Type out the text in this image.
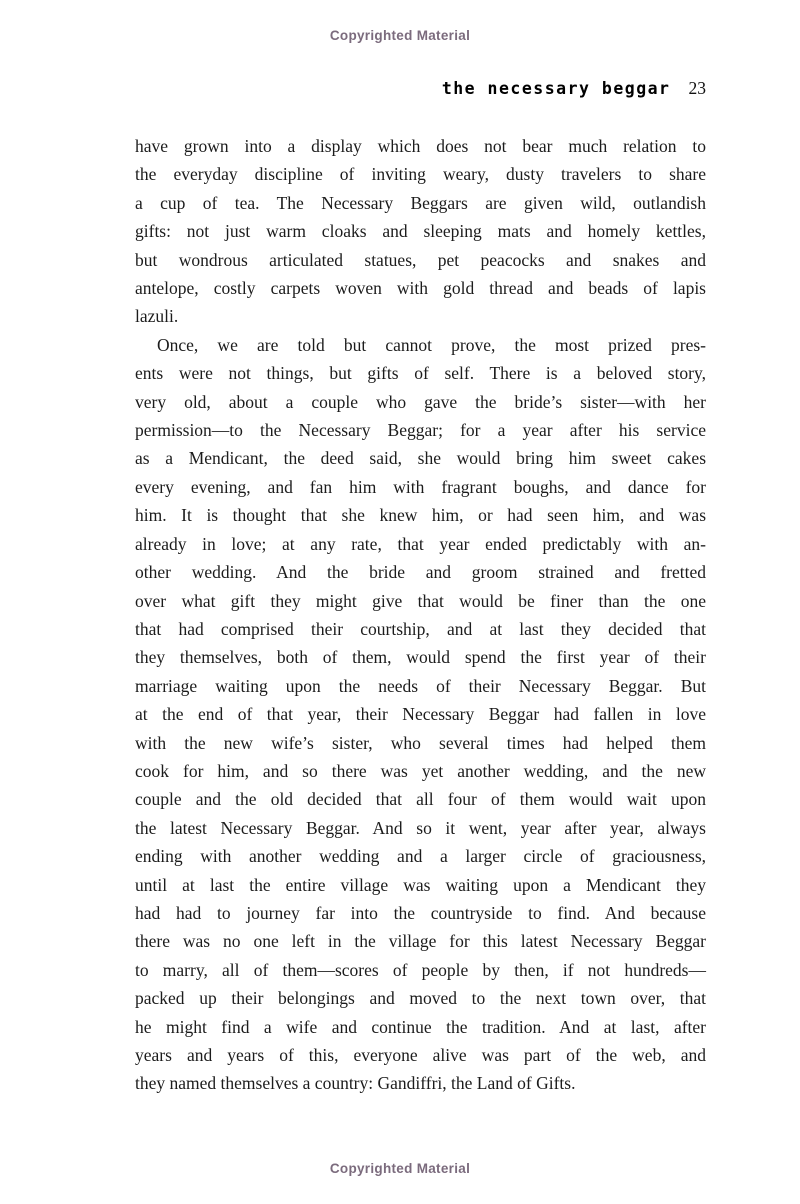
Copyrighted Material
the necessary beggar 23
have grown into a display which does not bear much relation to
the everyday discipline of inviting weary, dusty travelers to share
a cup of tea. The Necessary Beggars are given wild, outlandish
gifts: not just warm cloaks and sleeping mats and homely kettles,
but wondrous articulated statues, pet peacocks and snakes and
antelope, costly carpets woven with gold thread and beads of lapis
lazuli.
Once, we are told but cannot prove, the most prized pres-
ents were not things, but gifts of self. There is a beloved story,
very old, about a couple who gave the bride’s sister—with her
permission—to the Necessary Beggar; for a year after his service
as a Mendicant, the deed said, she would bring him sweet cakes
every evening, and fan him with fragrant boughs, and dance for
him. It is thought that she knew him, or had seen him, and was
already in love; at any rate, that year ended predictably with an-
other wedding. And the bride and groom strained and fretted
over what gift they might give that would be finer than the one
that had comprised their courtship, and at last they decided that
they themselves, both of them, would spend the first year of their
marriage waiting upon the needs of their Necessary Beggar. But
at the end of that year, their Necessary Beggar had fallen in love
with the new wife’s sister, who several times had helped them
cook for him, and so there was yet another wedding, and the new
couple and the old decided that all four of them would wait upon
the latest Necessary Beggar. And so it went, year after year, always
ending with another wedding and a larger circle of graciousness,
until at last the entire village was waiting upon a Mendicant they
had had to journey far into the countryside to find. And because
there was no one left in the village for this latest Necessary Beggar
to marry, all of them—scores of people by then, if not hundreds—
packed up their belongings and moved to the next town over, that
he might find a wife and continue the tradition. And at last, after
years and years of this, everyone alive was part of the web, and
they named themselves a country: Gandiffri, the Land of Gifts.
Copyrighted Material
